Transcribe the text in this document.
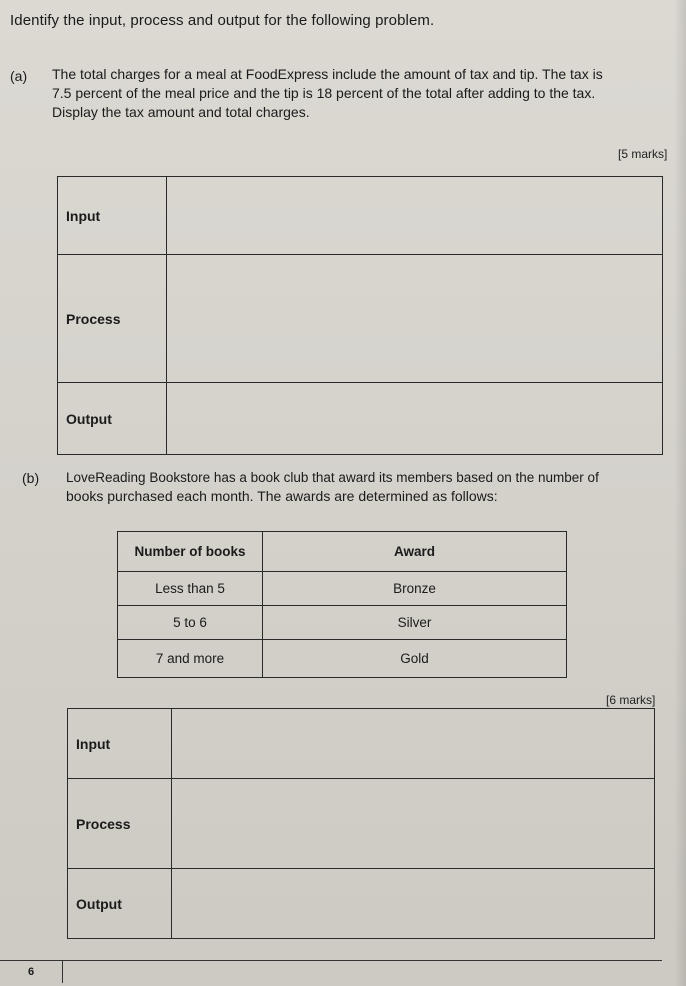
Identify the input, process and output for the following problem.
(a) The total charges for a meal at FoodExpress include the amount of tax and tip. The tax is
7.5 percent of the meal price and the tip is 18 percent of the total after adding to the tax.
Display the tax amount and total charges.
[5 marks]
Input	
Process	
Output	
(b) LoveReading Bookstore has a book club that award its members based on the number of
books purchased each month. The awards are determined as follows:
Number of books	Award
Less than 5	Bronze
5 to 6	Silver
7 and more	Gold
[6 marks]
Input	
Process	
Output	
6
